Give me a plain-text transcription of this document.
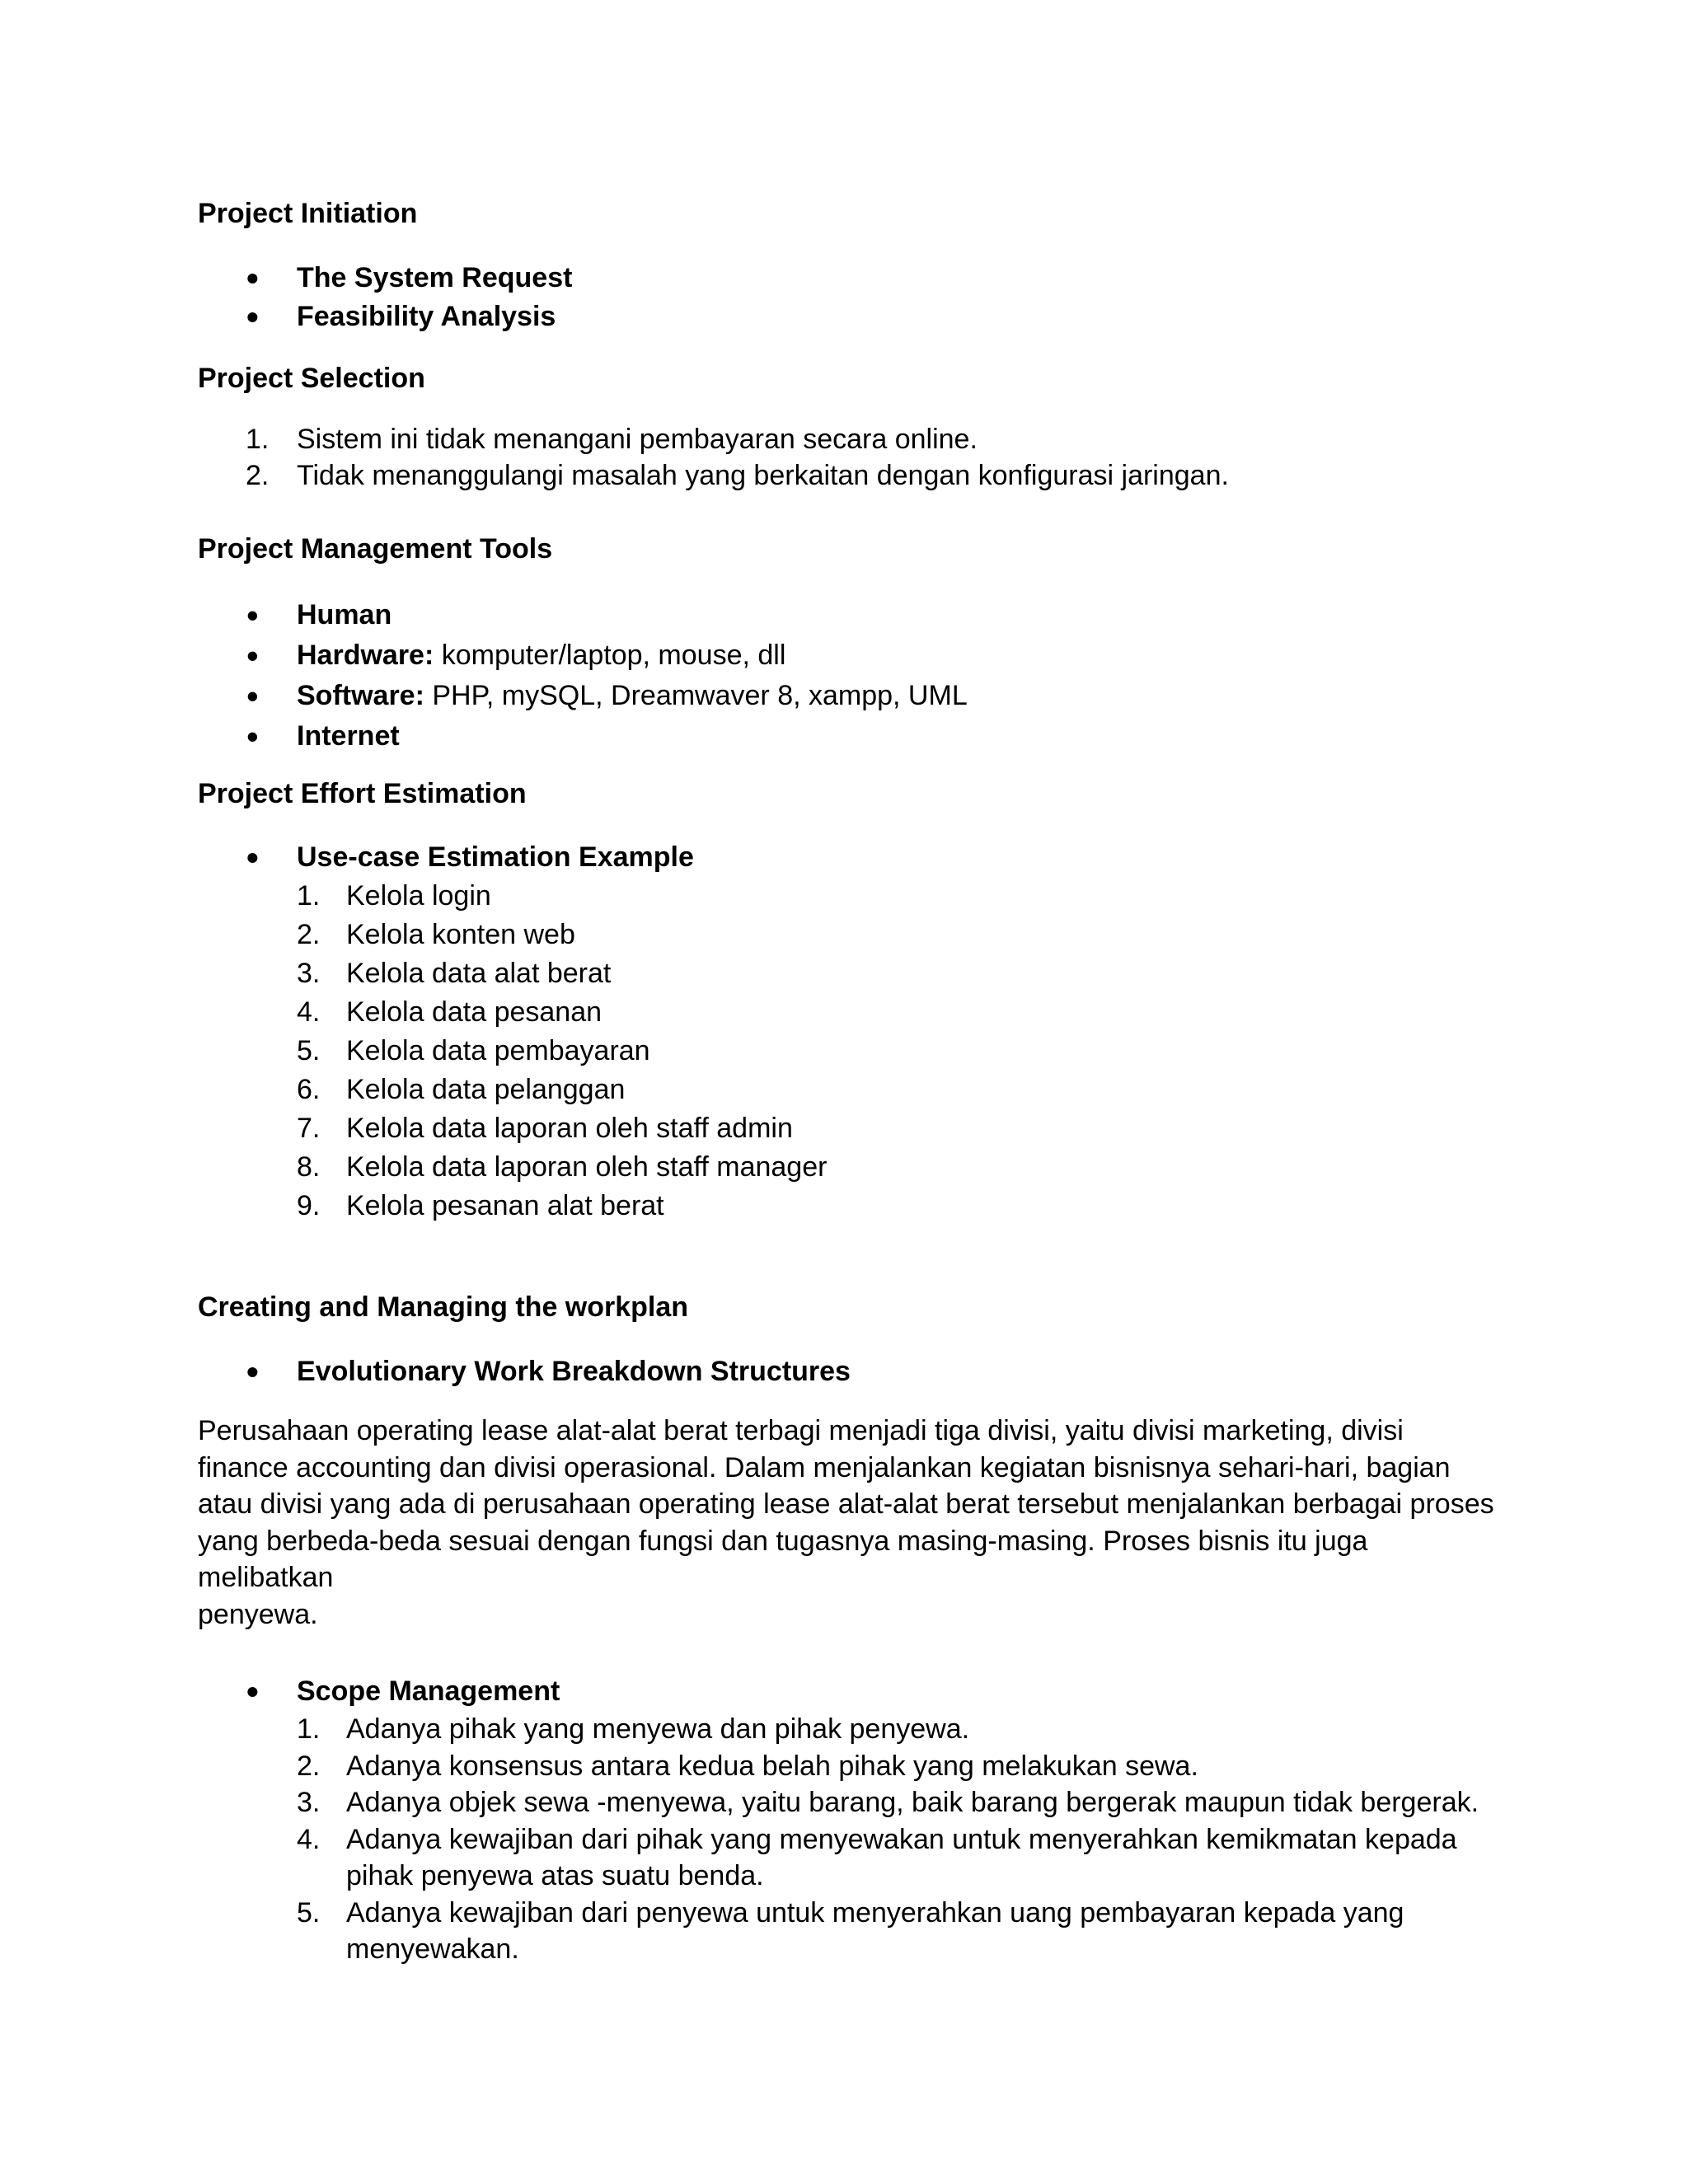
Project Initiation

• The System Request
• Feasibility Analysis

Project Selection

1. Sistem ini tidak menangani pembayaran secara online.
2. Tidak menanggulangi masalah yang berkaitan dengan konfigurasi jaringan.

Project Management Tools

• Human
• Hardware: komputer/laptop, mouse, dll
• Software: PHP, mySQL, Dreamwaver 8, xampp, UML
• Internet

Project Effort Estimation

• Use-case Estimation Example
1. Kelola login
2. Kelola konten web
3. Kelola data alat berat
4. Kelola data pesanan
5. Kelola data pembayaran
6. Kelola data pelanggan
7. Kelola data laporan oleh staff admin
8. Kelola data laporan oleh staff manager
9. Kelola pesanan alat berat

Creating and Managing the workplan

• Evolutionary Work Breakdown Structures

Perusahaan operating lease alat-alat berat terbagi menjadi tiga divisi, yaitu divisi marketing, divisi

finance accounting dan divisi operasional. Dalam menjalankan kegiatan bisnisnya sehari-hari, bagian

atau divisi yang ada di perusahaan operating lease alat-alat berat tersebut menjalankan berbagai proses

yang berbeda-beda sesuai dengan fungsi dan tugasnya masing-masing. Proses bisnis itu juga melibatkan

penyewa.

• Scope Management
1. Adanya pihak yang menyewa dan pihak penyewa.
2. Adanya konsensus antara kedua belah pihak yang melakukan sewa.
3. Adanya objek sewa -menyewa, yaitu barang, baik barang bergerak maupun tidak bergerak.
4. Adanya kewajiban dari pihak yang menyewakan untuk menyerahkan kemikmatan kepada
pihak penyewa atas suatu benda.
5. Adanya kewajiban dari penyewa untuk menyerahkan uang pembayaran kepada yang
menyewakan.
